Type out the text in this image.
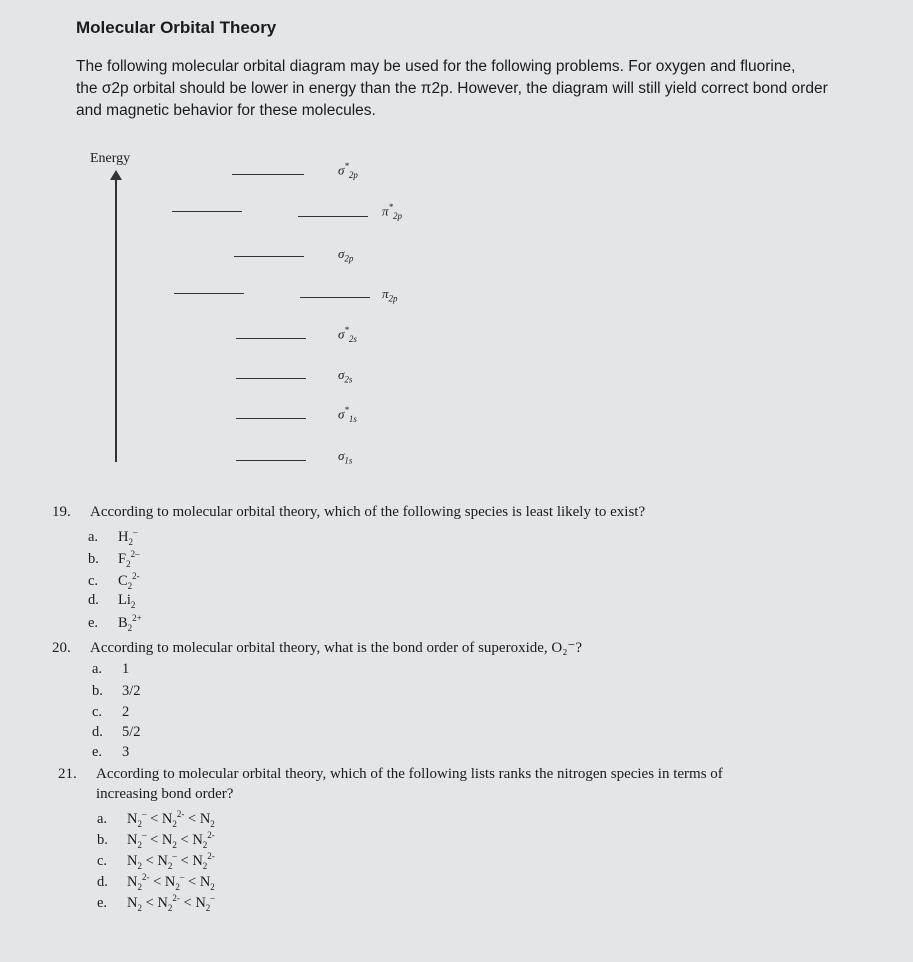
Molecular Orbital Theory
The following molecular orbital diagram may be used for the following problems. For oxygen and fluorine,
the σ2p orbital should be lower in energy than the π2p. However, the diagram will still yield correct bond order
and magnetic behavior for these molecules.
Energy
$\sigma^*_{2p}$
$\pi^*_{2p}$
$\sigma_{2p}$
$\pi_{2p}$
$\sigma^*_{2s}$
$\sigma_{2s}$
$\sigma^*_{1s}$
$\sigma_{1s}$
19. According to molecular orbital theory, which of the following species is least likely to exist?
a. $H_2^-$
b. $F_2^{2-}$
c. $C_2^{2-}$
d. $Li_2$
e. $B_2^{2+}$
20. According to molecular orbital theory, what is the bond order of superoxide, O₂⁻?
a. 1
b. 3/2
c. 2
d. 5/2
e. 3
21. According to molecular orbital theory, which of the following lists ranks the nitrogen species in terms of
increasing bond order?
a. $N_2^- < N_2^{2-} < N_2$
b. $N_2^- < N_2 < N_2^{2-}$
c. $N_2 < N_2^- < N_2^{2-}$
d. $N_2^{2-} < N_2^- < N_2$
e. $N_2 < N_2^{2-} < N_2^-$
